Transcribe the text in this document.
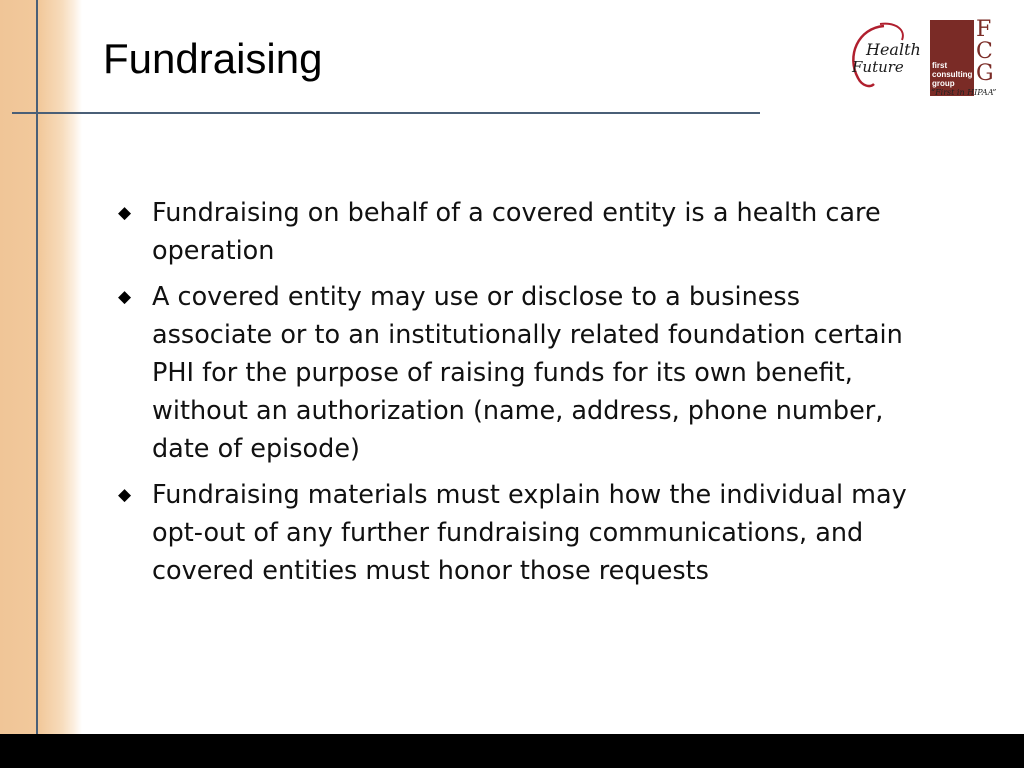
Fundraising	Health
Future	first
consulting
group
F
C
G
“First in HIPAA”
◆ Fundraising on behalf of a covered entity is a health care operation
◆ A covered entity may use or disclose to a business associate or to an institutionally related foundation certain PHI for the purpose of raising funds for its own benefit, without an authorization (name, address, phone number, date of episode)
◆ Fundraising materials must explain how the individual may opt-out of any further fundraising communications, and covered entities must honor those requests
